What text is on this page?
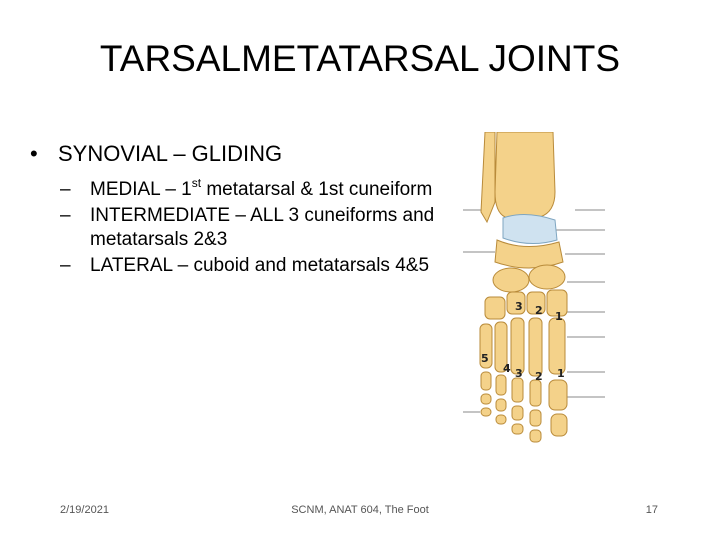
TARSALMETATARSAL JOINTS
• SYNOVIAL – GLIDING
– MEDIAL – 1st metatarsal & 1st cuneiform
– INTERMEDIATE – ALL 3 cuneiforms and metatarsals 2&3
– LATERAL – cuboid and metatarsals 4&5
3 2 1
5
4 3 2 1
2/19/2021	SCNM, ANAT 604, The Foot	17
